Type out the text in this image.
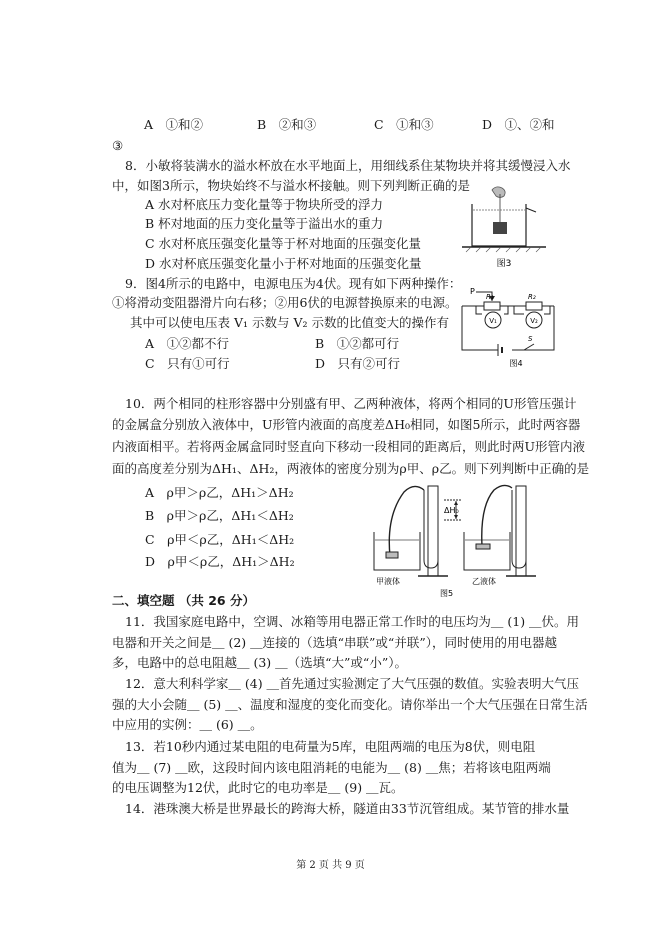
A　①和②	B　②和③	C　①和③	D　①、②和
③
8．小敏将装满水的溢水杯放在水平地面上，用细线系住某物块并将其缓慢浸入水
中，如图3所示，物块始终不与溢水杯接触。则下列判断正确的是
A 水对杯底压力变化量等于物块所受的浮力
B 杯对地面的压力变化量等于溢出水的重力
C 水对杯底压强变化量等于杯对地面的压强变化量
D 水对杯底压强变化量小于杯对地面的压强变化量	图3
9．图4所示的电路中，电源电压为4伏。现有如下两种操作：
①将滑动变阻器滑片向右移；②用6伏的电源替换原来的电源。
其中可以使电压表 V₁ 示数与 V₂ 示数的比值变大的操作有
A　①②都不行	B　①②都可行
C　只有①可行	D　只有②可行
P
R₁	R₂
V₁	V₂
S
图4
10．两个相同的柱形容器中分别盛有甲、乙两种液体，将两个相同的U形管压强计
的金属盒分别放入液体中，U形管内液面的高度差ΔH₀相同，如图5所示，此时两容器
内液面相平。若将两金属盒同时竖直向下移动一段相同的距离后，则此时两U形管内液
面的高度差分别为ΔH₁、ΔH₂，两液体的密度分别为ρ甲、ρ乙。则下列判断中正确的是
A　ρ甲＞ρ乙，ΔH₁＞ΔH₂
B　ρ甲＞ρ乙，ΔH₁＜ΔH₂
C　ρ甲＜ρ乙，ΔH₁＜ΔH₂
D　ρ甲＜ρ乙，ΔH₁＞ΔH₂
ΔH₀
甲液体	乙液体
图5
二、填空题 （共 26 分）
11．我国家庭电路中，空调、冰箱等用电器正常工作时的电压均为＿ (1) ＿伏。用
电器和开关之间是＿ (2) ＿连接的（选填“串联”或“并联”），同时使用的用电器越
多，电路中的总电阻越＿ (3) ＿（选填“大”或“小”）。
12．意大利科学家＿ (4) ＿首先通过实验测定了大气压强的数值。实验表明大气压
强的大小会随＿ (5) ＿、温度和湿度的变化而变化。请你举出一个大气压强在日常生活
中应用的实例：＿ (6) ＿。
13．若10秒内通过某电阻的电荷量为5库，电阻两端的电压为8伏，则电阻
值为＿ (7) ＿欧，这段时间内该电阻消耗的电能为＿ (8) ＿焦；若将该电阻两端
的电压调整为12伏，此时它的电功率是＿ (9) ＿瓦。
14．港珠澳大桥是世界最长的跨海大桥，隧道由33节沉管组成。某节管的排水量
第 2 页 共 9 页
